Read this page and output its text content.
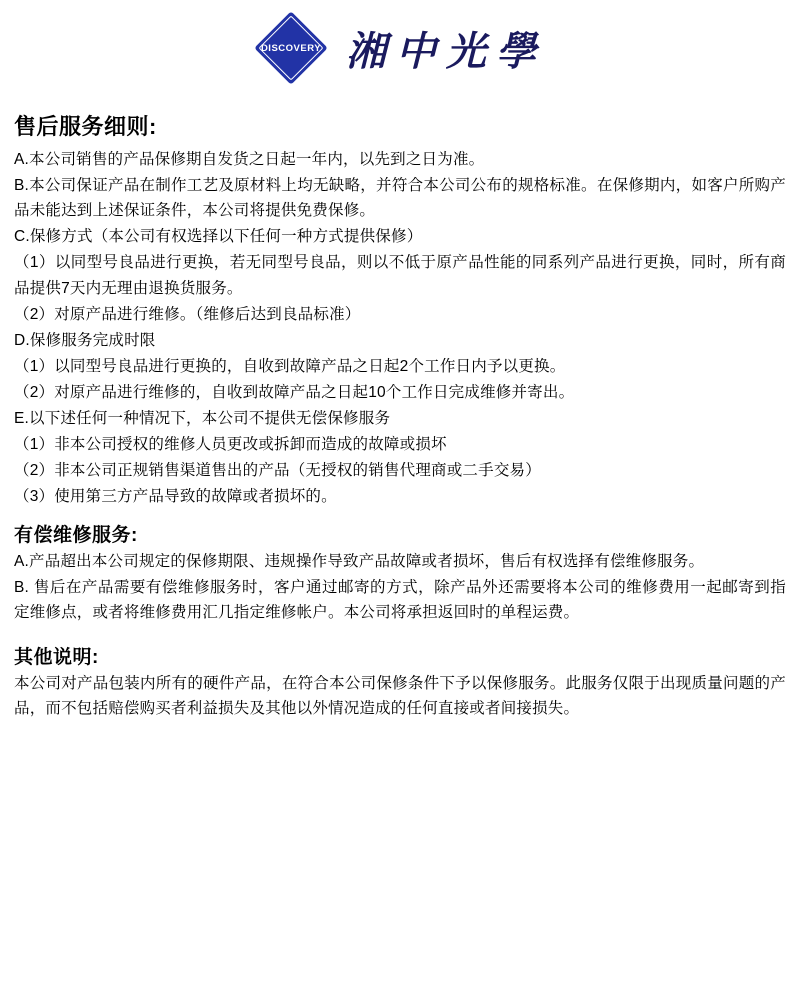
DISCOVERY 湘中光學
售后服务细则:

A.本公司销售的产品保修期自发货之日起一年内，以先到之日为准。

B.本公司保证产品在制作工艺及原材料上均无缺略，并符合本公司公布的规格标准。在保修期内，如客户所购产品未能达到上述保证条件，本公司将提供免费保修。

C.保修方式（本公司有权选择以下任何一种方式提供保修）

（1）以同型号良品进行更换，若无同型号良品，则以不低于原产品性能的同系列产品进行更换，同时，所有商品提供7天内无理由退换货服务。

（2）对原产品进行维修。（维修后达到良品标准）

D.保修服务完成时限

（1）以同型号良品进行更换的，自收到故障产品之日起2个工作日内予以更换。

（2）对原产品进行维修的，自收到故障产品之日起10个工作日完成维修并寄出。

E.以下述任何一种情况下，本公司不提供无偿保修服务

（1）非本公司授权的维修人员更改或拆卸而造成的故障或损坏

（2）非本公司正规销售渠道售出的产品（无授权的销售代理商或二手交易）

（3）使用第三方产品导致的故障或者损坏的。

有偿维修服务:

A.产品超出本公司规定的保修期限、违规操作导致产品故障或者损坏，售后有权选择有偿维修服务。

B. 售后在产品需要有偿维修服务时，客户通过邮寄的方式，除产品外还需要将本公司的维修费用一起邮寄到指定维修点，或者将维修费用汇几指定维修帐户。本公司将承担返回时的单程运费。

其他说明:

本公司对产品包装内所有的硬件产品，在符合本公司保修条件下予以保修服务。此服务仅限于出现质量问题的产品，而不包括赔偿购买者利益损失及其他以外情况造成的任何直接或者间接损失。
